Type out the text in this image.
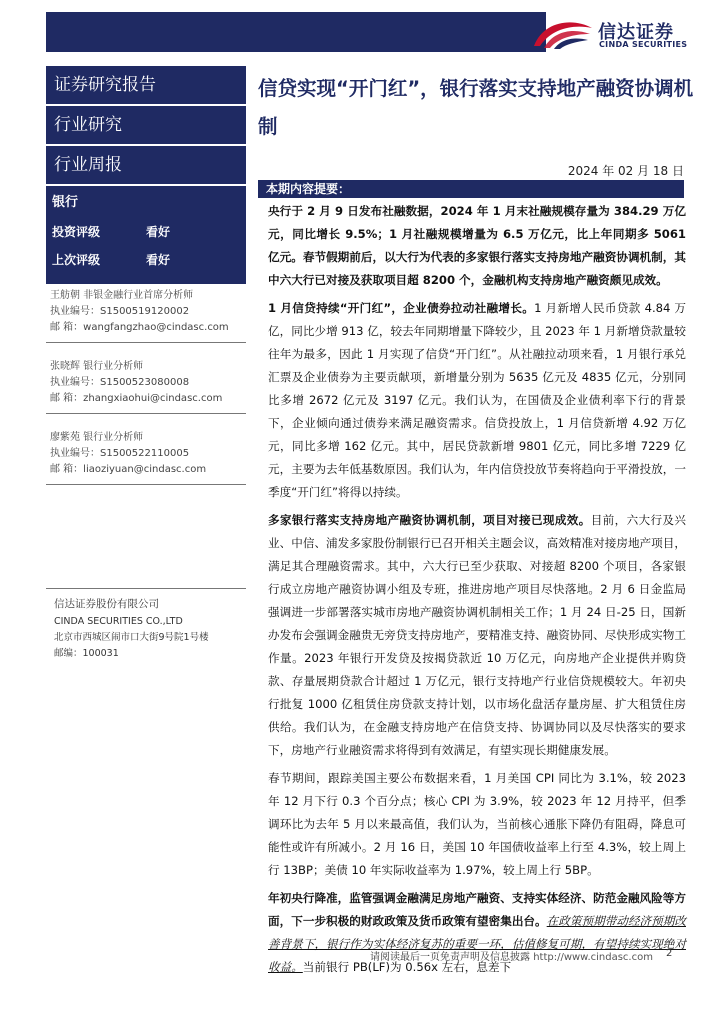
信达证券
CINDA SECURITIES
证券研究报告
行业研究
行业周报
银行
投资评级	看好
上次评级	看好
王舫朝 非银金融行业首席分析师
执业编号：S1500519120002
邮 箱：wangfangzhao@cindasc.com
张晓辉 银行业分析师
执业编号：S1500523080008
邮 箱：zhangxiaohui@cindasc.com
廖紫苑 银行业分析师
执业编号：S1500522110005
邮 箱：liaoziyuan@cindasc.com
信达证券股份有限公司
CINDA SECURITIES CO.,LTD
北京市西城区闹市口大街9号院1号楼
邮编：100031
信贷实现“开门红”，银行落实支持地产融资协调机制
2024 年 02 月 18 日
本期内容提要：

央行于 2 月 9 日发布社融数据，2024 年 1 月末社融规模存量为 384.29 万亿元，同比增长 9.5%；1 月社融规模增量为 6.5 万亿元，比上年同期多 5061 亿元。春节假期前后，以大行为代表的多家银行落实支持房地产融资协调机制，其中六大行已对接及获取项目超 8200 个，金融机构支持房地产融资颇见成效。

1 月信贷持续“开门红”，企业债券拉动社融增长。1 月新增人民币贷款 4.84 万亿，同比少增 913 亿，较去年同期增量下降较少，且 2023 年 1 月新增贷款量较往年为最多，因此 1 月实现了信贷“开门红”。从社融拉动项来看，1 月银行承兑汇票及企业债券为主要贡献项，新增量分别为 5635 亿元及 4835 亿元，分别同比多增 2672 亿元及 3197 亿元。我们认为，在国债及企业债利率下行的背景下，企业倾向通过债券来满足融资需求。信贷投放上，1 月信贷新增 4.92 万亿元，同比多增 162 亿元。其中，居民贷款新增 9801 亿元，同比多增 7229 亿元，主要为去年低基数原因。我们认为，年内信贷投放节奏将趋向于平滑投放，一季度“开门红”将得以持续。

多家银行落实支持房地产融资协调机制，项目对接已现成效。目前，六大行及兴业、中信、浦发多家股份制银行已召开相关主题会议，高效精准对接房地产项目，满足其合理融资需求。其中，六大行已至少获取、对接超 8200 个项目，各家银行成立房地产融资协调小组及专班，推进房地产项目尽快落地。2 月 6 日金监局强调进一步部署落实城市房地产融资协调机制相关工作；1 月 24 日-25 日，国新办发布会强调金融贵无旁贷支持房地产，要精准支持、融资协同、尽快形成实物工作量。2023 年银行开发贷及按揭贷款近 10 万亿元，向房地产企业提供并购贷款、存量展期贷款合计超过 1 万亿元，银行支持地产行业信贷规模较大。年初央行批复 1000 亿租赁住房贷款支持计划，以市场化盘活存量房屋、扩大租赁住房供给。我们认为，在金融支持房地产在信贷支持、协调协同以及尽快落实的要求下，房地产行业融资需求将得到有效满足，有望实现长期健康发展。

春节期间，跟踪美国主要公布数据来看，1 月美国 CPI 同比为 3.1%，较 2023 年 12 月下行 0.3 个百分点；核心 CPI 为 3.9%，较 2023 年 12 月持平，但季调环比为去年 5 月以来最高值，我们认为，当前核心通胀下降仍有阻碍，降息可能性或许有所减小。2 月 16 日，美国 10 年国债收益率上行至 4.3%，较上周上行 13BP；美债 10 年实际收益率为 1.97%，较上周上行 5BP。

年初央行降准，监管强调金融满足房地产融资、支持实体经济、防范金融风险等方面，下一步积极的财政政策及货币政策有望密集出台。在政策预期带动经济预期改善背景下，银行作为实体经济复苏的重要一环，估值修复可期，有望持续实现绝对收益。当前银行 PB(LF)为 0.56x 左右，息差下

请阅读最后一页免责声明及信息披露 http://www.cindasc.com 2
